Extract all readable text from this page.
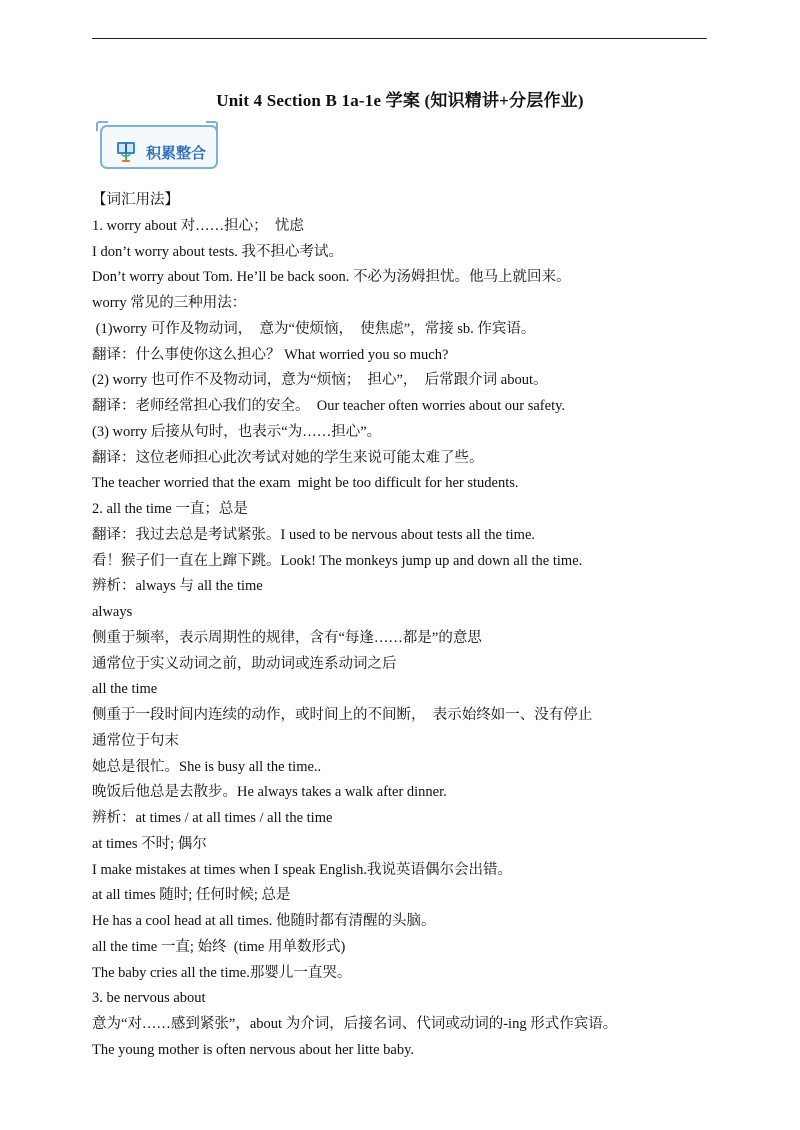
Unit 4 Section B 1a-1e 学案 (知识精讲+分层作业)
积累整合
【词汇用法】
1. worry about 对……担心；  忧虑
I don’t worry about tests. 我不担心考试。
Don’t worry about Tom. He’ll be back soon. 不必为汤姆担忧。他马上就回来。
worry 常见的三种用法：
(1)worry 可作及物动词，  意为“使烦恼，  使焦虑”，常接 sb. 作宾语。
翻译：什么事使你这么担心？ What worried you so much?
(2) worry 也可作不及物动词，意为“烦恼；  担心”，  后常跟介词 about。
翻译：老师经常担心我们的安全。  Our teacher often worries about our safety.
(3) worry 后接从句时，也表示“为……担心”。
翻译：这位老师担心此次考试对她的学生来说可能太难了些。
The teacher worried that the exam  might be too difficult for her students.
2. all the time 一直；总是
翻译：我过去总是考试紧张。I used to be nervous about tests all the time.
看！猴子们一直在上蹿下跳。Look! The monkeys jump up and down all the time.
辨析：always 与 all the time
always
侧重于频率，表示周期性的规律，含有“每逢……都是”的意思
通常位于实义动词之前，助动词或连系动词之后
all the time
侧重于一段时间内连续的动作，或时间上的不间断，  表示始终如一、没有停止
通常位于句末
她总是很忙。She is busy all the time..
晚饭后他总是去散步。He always takes a walk after dinner.
辨析：at times / at all times / all the time
at times 不时; 偶尔
I make mistakes at times when I speak English.我说英语偶尔会出错。
at all times 随时; 任何时候; 总是
He has a cool head at all times. 他随时都有清醒的头脑。
all the time 一直; 始终  (time 用单数形式)
The baby cries all the time.那婴儿一直哭。
3. be nervous about
意为“对……感到紧张”，about 为介词，后接名词、代词或动词的-ing 形式作宾语。
The young mother is often nervous about her litte baby.
